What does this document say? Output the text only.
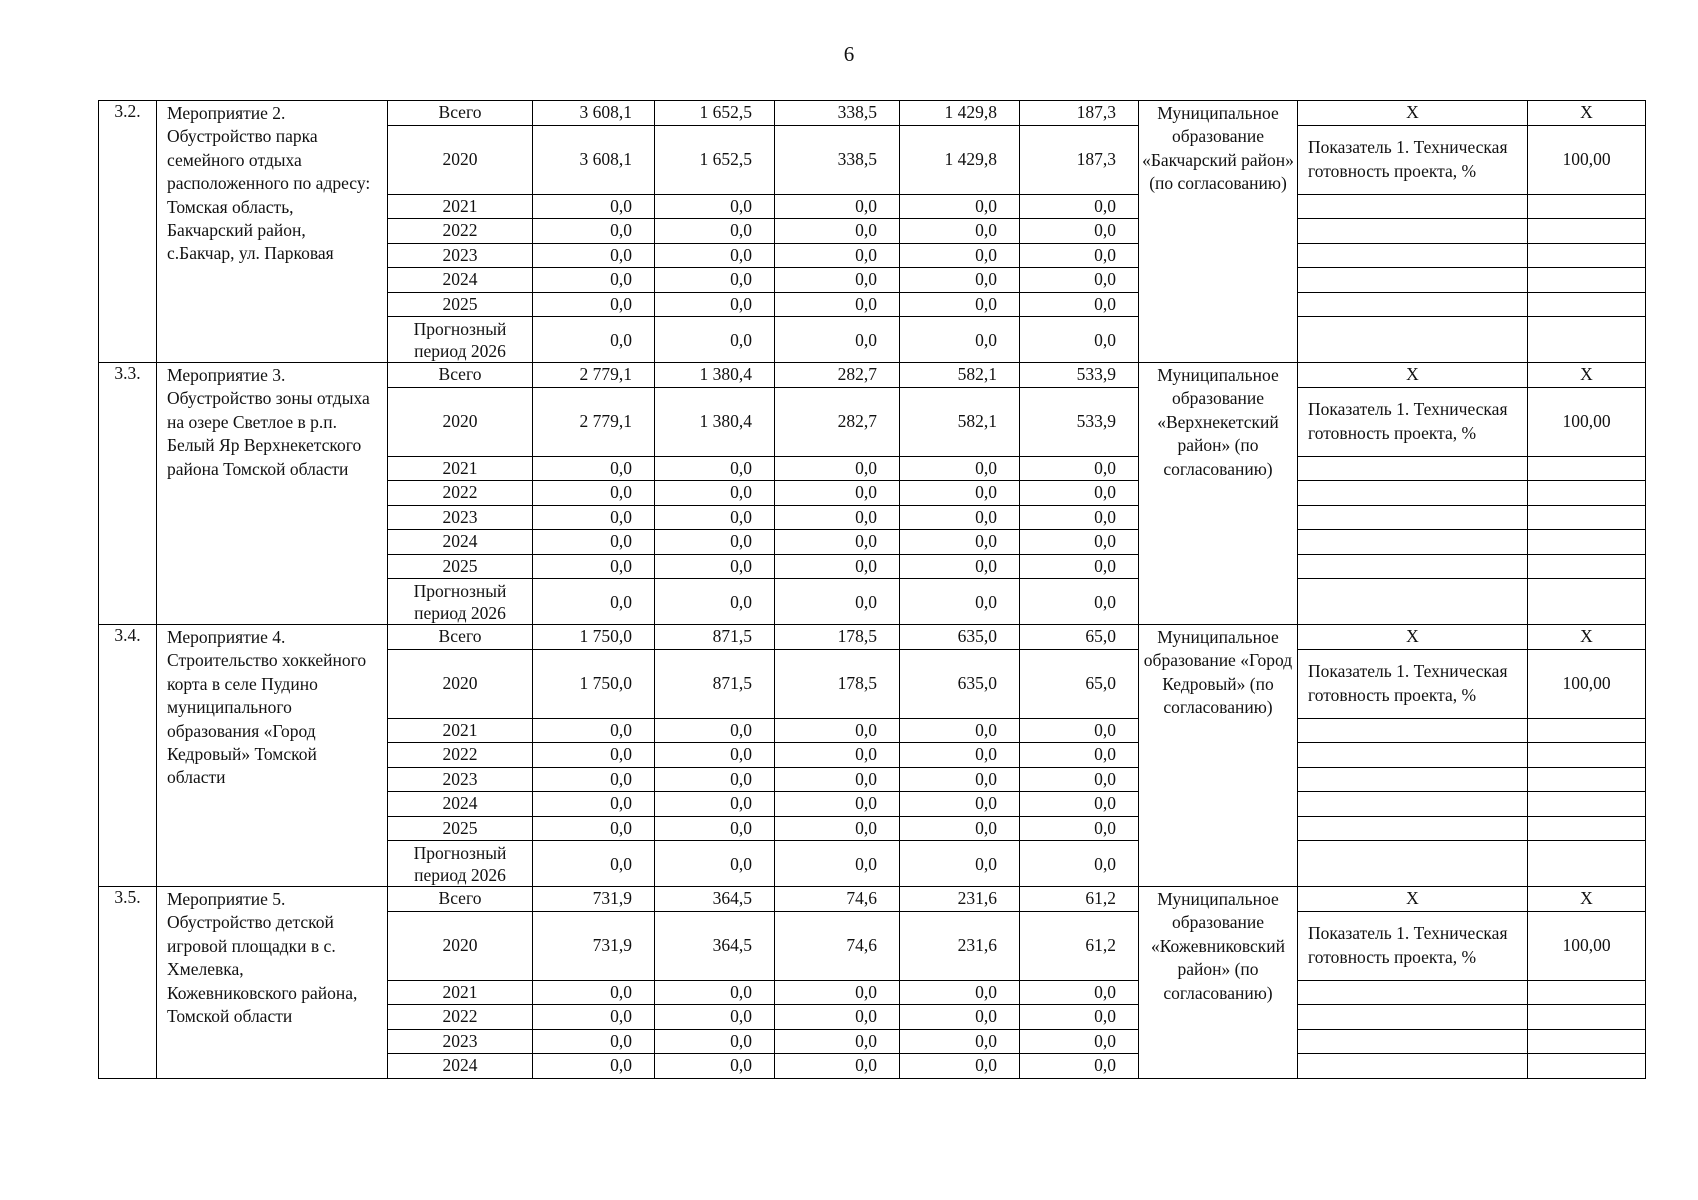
6
3.2.	Мероприятие 2. Обустройство парка семейного отдыха расположенного по адресу: Томская область, Бакчарский район, с.Бакчар, ул. Парковая	Всего	3 608,1	1 652,5	338,5	1 429,8	187,3	Муниципальное образование «Бакчарский район» (по согласованию)	X	X
		2020	3 608,1	1 652,5	338,5	1 429,8	187,3		Показатель 1. Техническая готовность проекта, %	100,00
		2021	0,0	0,0	0,0	0,0	0,0			
		2022	0,0	0,0	0,0	0,0	0,0			
		2023	0,0	0,0	0,0	0,0	0,0			
		2024	0,0	0,0	0,0	0,0	0,0			
		2025	0,0	0,0	0,0	0,0	0,0			
		Прогнозный период 2026	0,0	0,0	0,0	0,0	0,0			
3.3.	Мероприятие 3. Обустройство зоны отдыха на озере Светлое в р.п. Белый Яр Верхнекетского района Томской области	Всего	2 779,1	1 380,4	282,7	582,1	533,9	Муниципальное образование «Верхнекетский район» (по согласованию)	X	X
		2020	2 779,1	1 380,4	282,7	582,1	533,9		Показатель 1. Техническая готовность проекта, %	100,00
		2021	0,0	0,0	0,0	0,0	0,0			
		2022	0,0	0,0	0,0	0,0	0,0			
		2023	0,0	0,0	0,0	0,0	0,0			
		2024	0,0	0,0	0,0	0,0	0,0			
		2025	0,0	0,0	0,0	0,0	0,0			
		Прогнозный период 2026	0,0	0,0	0,0	0,0	0,0			
3.4.	Мероприятие 4. Строительство хоккейного корта в селе Пудино муниципального образования «Город Кедровый» Томской области	Всего	1 750,0	871,5	178,5	635,0	65,0	Муниципальное образование «Город Кедровый» (по согласованию)	X	X
		2020	1 750,0	871,5	178,5	635,0	65,0		Показатель 1. Техническая готовность проекта, %	100,00
		2021	0,0	0,0	0,0	0,0	0,0			
		2022	0,0	0,0	0,0	0,0	0,0			
		2023	0,0	0,0	0,0	0,0	0,0			
		2024	0,0	0,0	0,0	0,0	0,0			
		2025	0,0	0,0	0,0	0,0	0,0			
		Прогнозный период 2026	0,0	0,0	0,0	0,0	0,0			
3.5.	Мероприятие 5. Обустройство детской игровой площадки в с. Хмелевка, Кожевниковского района, Томской области	Всего	731,9	364,5	74,6	231,6	61,2	Муниципальное образование «Кожевниковский район» (по согласованию)	X	X
		2020	731,9	364,5	74,6	231,6	61,2		Показатель 1. Техническая готовность проекта, %	100,00
		2021	0,0	0,0	0,0	0,0	0,0			
		2022	0,0	0,0	0,0	0,0	0,0			
		2023	0,0	0,0	0,0	0,0	0,0			
		2024	0,0	0,0	0,0	0,0	0,0			
